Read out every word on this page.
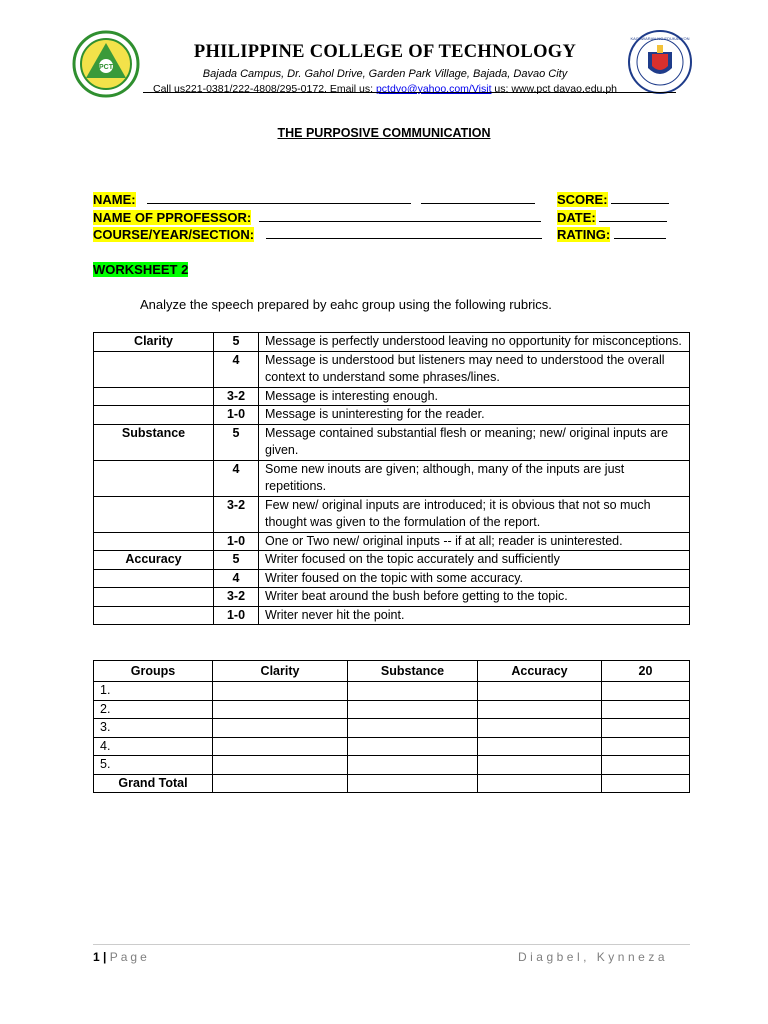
PCT
KAGAWARAN NG EDUKASYON
PHILIPPINE COLLEGE OF TECHNOLOGY
Bajada Campus, Dr. Gahol Drive, Garden Park Village, Bajada, Davao City
Call us221-0381/222-4808/295-0172. Email us: pctdvo@yahoo.com/Visit us: www.pct davao.edu.ph
THE PURPOSIVE COMMUNICATION
NAME:	SCORE:
NAME OF PPROFESSOR:	DATE:
COURSE/YEAR/SECTION:	RATING:
WORKSHEET 2
Analyze the speech prepared by eahc group using the following rubrics.
Clarity	5	Message is perfectly understood leaving no opportunity for misconceptions.
	4	Message is understood but listeners may need to understood the overall context to understand some phrases/lines.
	3-2	Message is interesting enough.
	1-0	Message is uninteresting for the reader.
Substance	5	Message contained substantial flesh or meaning; new/ original inputs are given.
	4	Some new inouts are given; although, many of the inputs are just repetitions.
	3-2	Few new/ original inputs are introduced; it is obvious that not so much thought was given to the formulation of the report.
	1-0	One or Two new/ original inputs -- if at all; reader is uninterested.
Accuracy	5	Writer focused on the topic accurately and sufficiently
	4	Writer foused on the topic with some accuracy.
	3-2	Writer beat around the bush before getting to the topic.
	1-0	Writer never hit the point.
Groups	Clarity	Substance	Accuracy	20
1.				
2.				
3.				
4.				
5.				
Grand Total				
1 | Page	Diagbel, Kynneza
